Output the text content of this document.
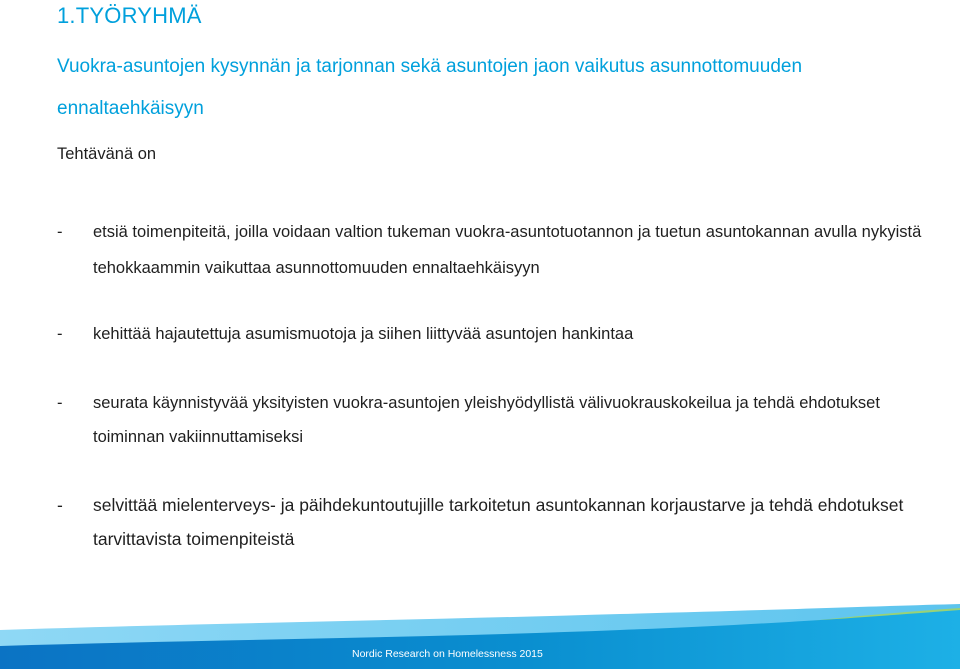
1.TYÖRYHMÄ
Vuokra-asuntojen kysynnän ja tarjonnan sekä asuntojen jaon vaikutus asunnottomuuden ennaltaehkäisyyn
Tehtävänä on
-	etsiä toimenpiteitä, joilla voidaan valtion tukeman vuokra-asuntotuotannon ja tuetun asuntokannan avulla nykyistä tehokkaammin vaikuttaa asunnottomuuden ennaltaehkäisyyn
-	kehittää hajautettuja asumismuotoja ja siihen liittyvää asuntojen hankintaa
-	seurata käynnistyvää yksityisten vuokra-asuntojen yleishyödyllistä välivuokrauskokeilua ja tehdä ehdotukset toiminnan vakiinnuttamiseksi
-	selvittää mielenterveys- ja päihdekuntoutujille tarkoitetun asuntokannan korjaustarve ja tehdä ehdotukset tarvittavista toimenpiteistä
Nordic Research on Homelessness 2015
